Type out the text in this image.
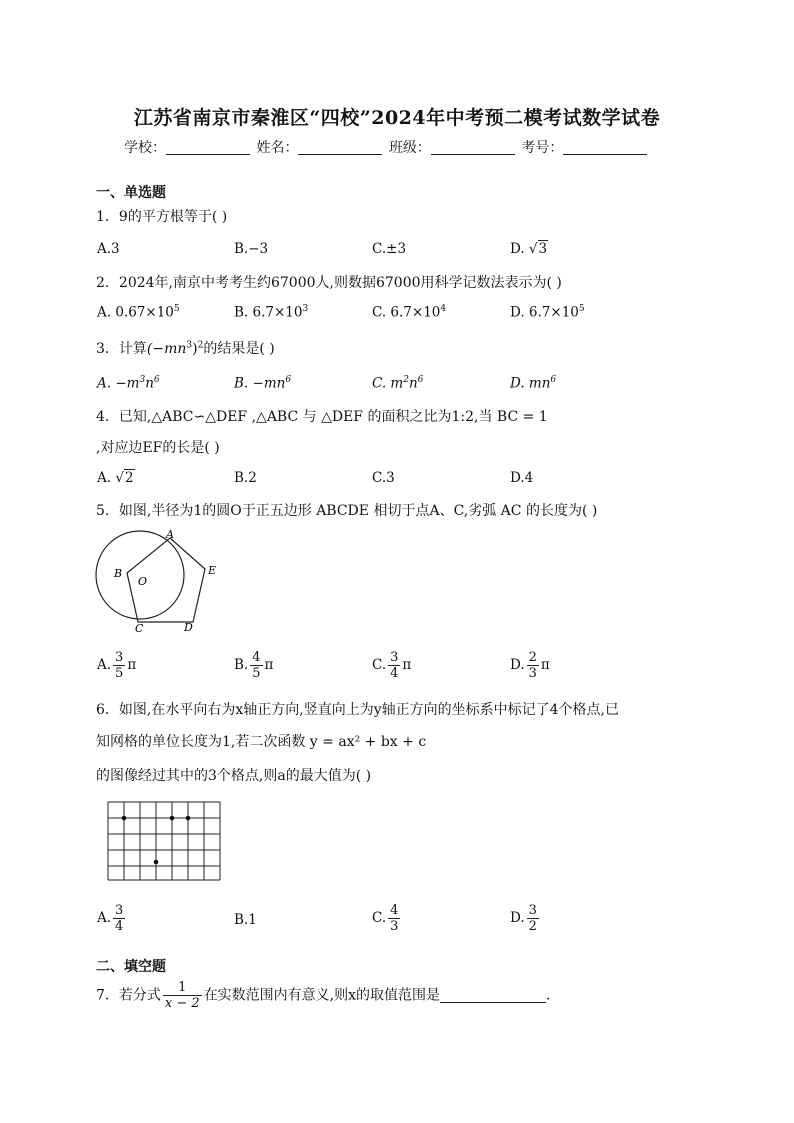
江苏省南京市秦淮区“四校”2024年中考预二模考试数学试卷
学校：	姓名：	班级：	考号：
一、单选题
1．9的平方根等于( )
A.3	B.−3	C.±3	D. √3
2．2024年,南京中考考生约67000人,则数据67000用科学记数法表示为( )
A. $0.67\times 10^5$	B. $6.7\times 10^3$	C. $6.7\times 10^4$	D. $6.7\times 10^5$
3．计算$(-mn^3)^2$的结果是( )
A. $-m^3n^6$	B. $-mn^6$	C. $m^2n^6$	D. $mn^6$
4．已知,△ABC∽△DEF ,△ABC 与 △DEF 的面积之比为1:2,当 BC = 1
,对应边EF的长是( )
A. √2	B.2	C.3	D.4
5．如图,半径为1的圆O于正五边形 ABCDE 相切于点A、C,劣弧 AC 的长度为( )
A
B
C	D
E
O
A. $\frac{3}{5}$ π	B. $\frac{4}{5}$ π	C. $\frac{3}{4}$ π	D. $\frac{2}{3}$ π
6．如图,在水平向右为x轴正方向,竖直向上为y轴正方向的坐标系中标记了4个格点,已
知网格的单位长度为1,若二次函数 y = ax² + bx + c
的图像经过其中的3个格点,则a的最大值为( )
A. $\frac{3}{4}$	B.1	C. $\frac{4}{3}$	D. $\frac{3}{2}$
二、填空题
7．若分式 $\frac{1}{x - 2}$ 在实数范围内有意义,则x的取值范围是	.
